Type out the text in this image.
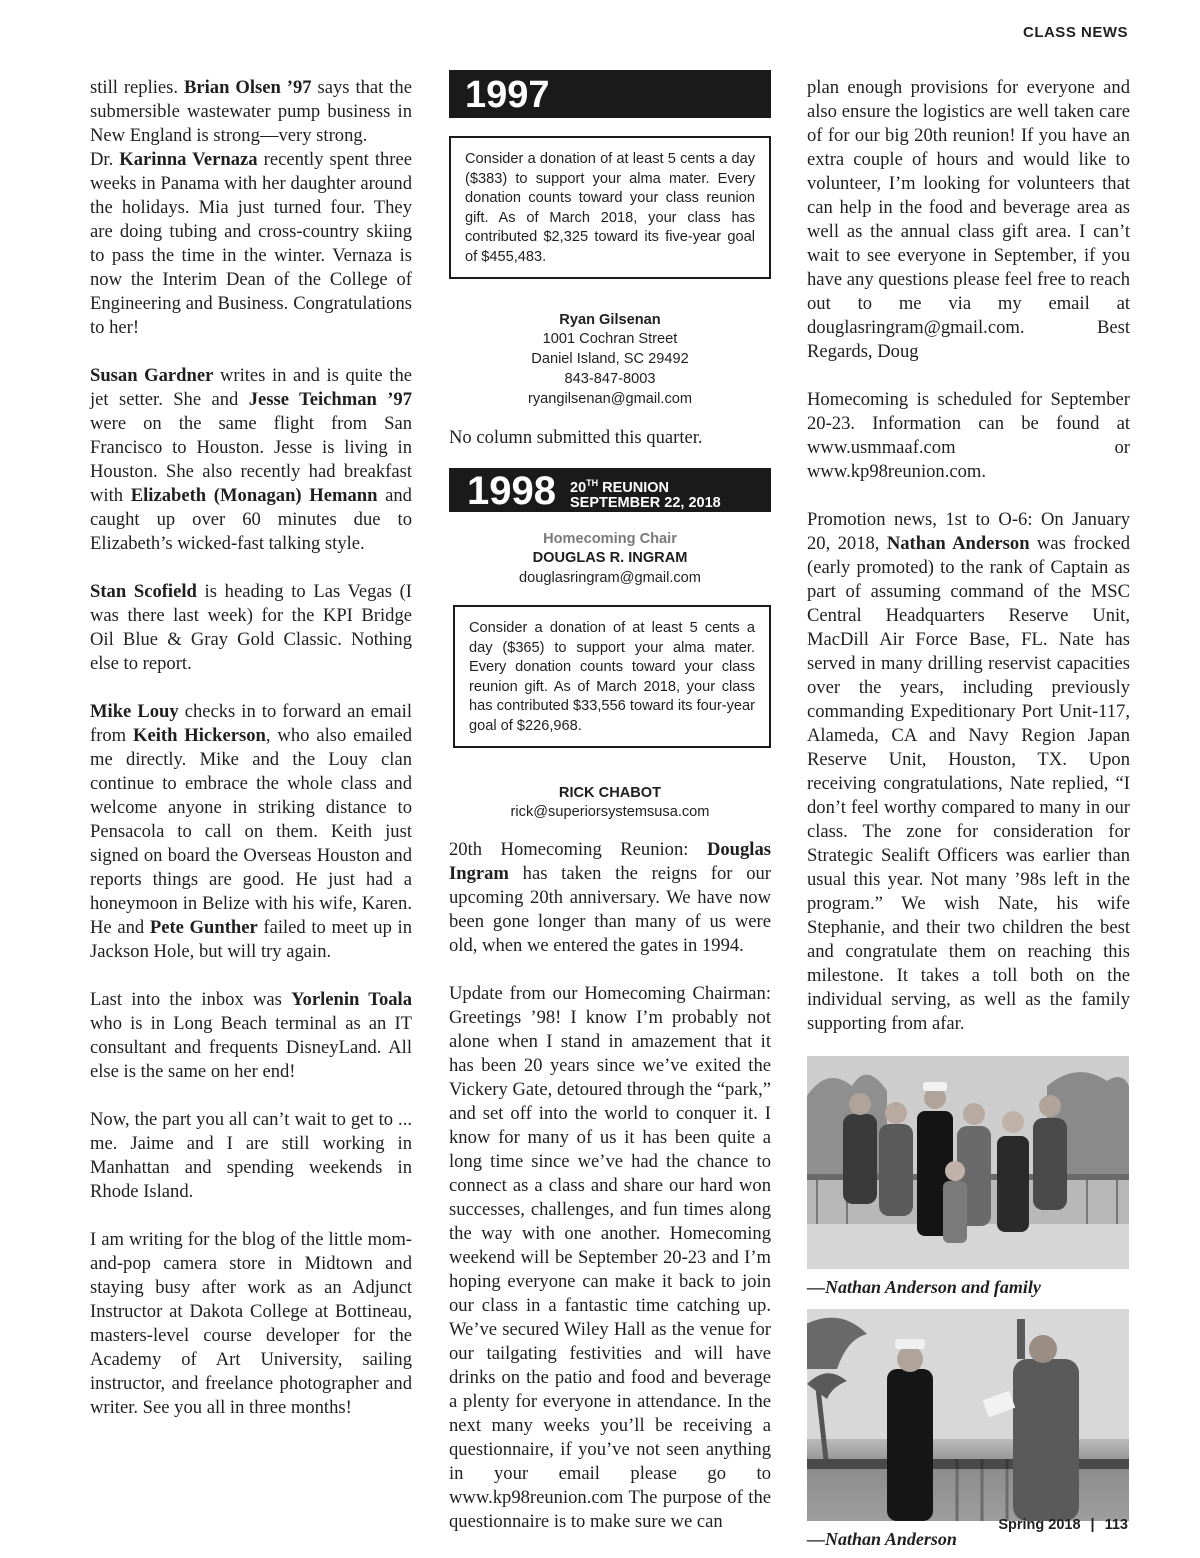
CLASS NEWS

still replies. Brian Olsen ’97 says that the submersible wastewater pump business in New England is strong—very strong.

Dr. Karinna Vernaza recently spent three weeks in Panama with her daughter around the holidays. Mia just turned four. They are doing tubing and cross-country skiing to pass the time in the winter. Vernaza is now the Interim Dean of the College of Engineering and Business. Congratulations to her!

Susan Gardner writes in and is quite the jet setter. She and Jesse Teichman ’97 were on the same flight from San Francisco to Houston. Jesse is living in Houston. She also recently had breakfast with Elizabeth (Monagan) Hemann and caught up over 60 minutes due to Elizabeth’s wicked-fast talking style.

Stan Scofield is heading to Las Vegas (I was there last week) for the KPI Bridge Oil Blue & Gray Gold Classic. Nothing else to report.

Mike Louy checks in to forward an email from Keith Hickerson, who also emailed me directly. Mike and the Louy clan continue to embrace the whole class and welcome anyone in striking distance to Pensacola to call on them. Keith just signed on board the Overseas Houston and reports things are good. He just had a honeymoon in Belize with his wife, Karen. He and Pete Gunther failed to meet up in Jackson Hole, but will try again.

Last into the inbox was Yorlenin Toala who is in Long Beach terminal as an IT consultant and frequents DisneyLand. All else is the same on her end!

Now, the part you all can’t wait to get to ... me. Jaime and I are still working in Manhattan and spending weekends in Rhode Island.

I am writing for the blog of the little mom-and-pop camera store in Midtown and staying busy after work as an Adjunct Instructor at Dakota College at Bottineau, masters-level course developer for the Academy of Art University, sailing instructor, and freelance photographer and writer. See you all in three months!

1997
Consider a donation of at least 5 cents a day ($383) to support your alma mater. Every donation counts toward your class reunion gift. As of March 2018, your class has contributed $2,325 toward its five-year goal of $455,483.
Ryan Gilsenan
1001 Cochran Street
Daniel Island, SC 29492
843-847-8003
ryangilsenan@gmail.com

No column submitted this quarter.

1998 20TH REUNION
SEPTEMBER 22, 2018
Homecoming Chair
DOUGLAS R. INGRAM
douglasringram@gmail.com
Consider a donation of at least 5 cents a day ($365) to support your alma mater. Every donation counts toward your class reunion gift. As of March 2018, your class has contributed $33,556 toward its four-year goal of $226,968.
RICK CHABOT
rick@superiorsystemsusa.com

20th Homecoming Reunion: Douglas Ingram has taken the reigns for our upcoming 20th anniversary. We have now been gone longer than many of us were old, when we entered the gates in 1994.

Update from our Homecoming Chairman: Greetings ’98! I know I’m probably not alone when I stand in amazement that it has been 20 years since we’ve exited the Vickery Gate, detoured through the “park,” and set off into the world to conquer it. I know for many of us it has been quite a long time since we’ve had the chance to connect as a class and share our hard won successes, challenges, and fun times along the way with one another. Homecoming weekend will be September 20-23 and I’m hoping everyone can make it back to join our class in a fantastic time catching up. We’ve secured Wiley Hall as the venue for our tailgating festivities and will have drinks on the patio and food and beverage a plenty for everyone in attendance. In the next many weeks you’ll be receiving a questionnaire, if you’ve not seen anything in your email please go to www.kp98reunion.com The purpose of the questionnaire is to make sure we can

plan enough provisions for everyone and also ensure the logistics are well taken care of for our big 20th reunion! If you have an extra couple of hours and would like to volunteer, I’m looking for volunteers that can help in the food and beverage area as well as the annual class gift area. I can’t wait to see everyone in September, if you have any questions please feel free to reach out to me via my email at douglasringram@gmail.com. Best Regards, Doug

Homecoming is scheduled for September 20-23. Information can be found at www.usmmaaf.com or www.kp98reunion.com.

Promotion news, 1st to O-6: On January 20, 2018, Nathan Anderson was frocked (early promoted) to the rank of Captain as part of assuming command of the MSC Central Headquarters Reserve Unit, MacDill Air Force Base, FL. Nate has served in many drilling reservist capacities over the years, including previously commanding Expeditionary Port Unit-117, Alameda, CA and Navy Region Japan Reserve Unit, Houston, TX. Upon receiving congratulations, Nate replied, “I don’t feel worthy compared to many in our class. The zone for consideration for Strategic Sealift Officers was earlier than usual this year. Not many ’98s left in the program.” We wish Nate, his wife Stephanie, and their two children the best and congratulate them on reaching this milestone. It takes a toll both on the individual serving, as well as the family supporting from afar.

—Nathan Anderson and family
—Nathan Anderson
Spring 2018 | 113
